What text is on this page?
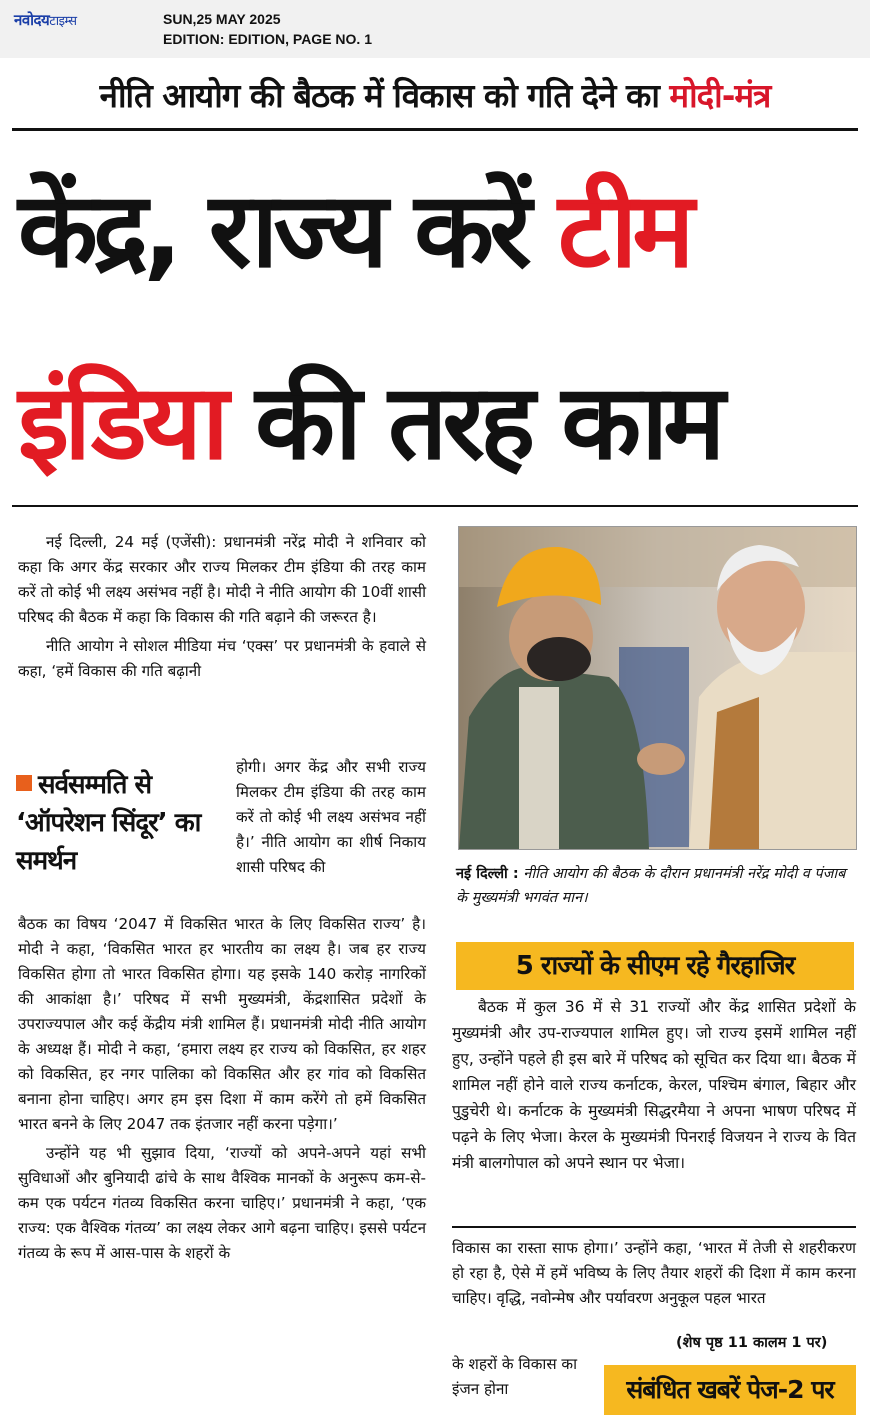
नवोदयटाइम्स	SUN,25 MAY 2025
EDITION: EDITION, PAGE NO. 1
नीति आयोग की बैठक में विकास को गति देने का मोदी-मंत्र
केंद्र, राज्य करें टीम
इंडिया की तरह काम

नई दिल्ली, 24 मई (एजेंसी): प्रधानमंत्री नरेंद्र मोदी ने शनिवार को कहा कि अगर केंद्र सरकार और राज्य मिलकर टीम इंडिया की तरह काम करें तो कोई भी लक्ष्य असंभव नहीं है। मोदी ने नीति आयोग की 10वीं शासी परिषद की बैठक में कहा कि विकास की गति बढ़ाने की जरूरत है।

नीति आयोग ने सोशल मीडिया मंच ‘एक्स’ पर प्रधानमंत्री के हवाले से कहा, ‘हमें विकास की गति बढ़ानी

सर्वसम्मति से ‘ऑपरेशन सिंदूर’ का समर्थन

होगी। अगर केंद्र और सभी राज्य मिलकर टीम इंडिया की तरह काम करें तो कोई भी लक्ष्य असंभव नहीं है।’ नीति आयोग का शीर्ष निकाय शासी परिषद की

बैठक का विषय ‘2047 में विकसित भारत के लिए विकसित राज्य’ है। मोदी ने कहा, ‘विकसित भारत हर भारतीय का लक्ष्य है। जब हर राज्य विकसित होगा तो भारत विकसित होगा। यह इसके 140 करोड़ नागरिकों की आकांक्षा है।’ परिषद में सभी मुख्यमंत्री, केंद्रशासित प्रदेशों के उपराज्यपाल और कई केंद्रीय मंत्री शामिल हैं। प्रधानमंत्री मोदी नीति आयोग के अध्यक्ष हैं। मोदी ने कहा, ‘हमारा लक्ष्य हर राज्य को विकसित, हर शहर को विकसित, हर नगर पालिका को विकसित और हर गांव को विकसित बनाना होना चाहिए। अगर हम इस दिशा में काम करेंगे तो हमें विकसित भारत बनने के लिए 2047 तक इंतजार नहीं करना पड़ेगा।’

उन्होंने यह भी सुझाव दिया, ‘राज्यों को अपने-अपने यहां सभी सुविधाओं और बुनियादी ढांचे के साथ वैश्विक मानकों के अनुरूप कम-से-कम एक पर्यटन गंतव्य विकसित करना चाहिए।’ प्रधानमंत्री ने कहा, ‘एक राज्य: एक वैश्विक गंतव्य’ का लक्ष्य लेकर आगे बढ़ना चाहिए। इससे पर्यटन गंतव्य के रूप में आस-पास के शहरों के

नई दिल्ली : नीति आयोग की बैठक के दौरान प्रधानमंत्री नरेंद्र मोदी व पंजाब के मुख्यमंत्री भगवंत मान।
5 राज्यों के सीएम रहे गैरहाजिर

बैठक में कुल 36 में से 31 राज्यों और केंद्र शासित प्रदेशों के मुख्यमंत्री और उप-राज्यपाल शामिल हुए। जो राज्य इसमें शामिल नहीं हुए, उन्होंने पहले ही इस बारे में परिषद को सूचित कर दिया था। बैठक में शामिल नहीं होने वाले राज्य कर्नाटक, केरल, पश्चिम बंगाल, बिहार और पुडुचेरी थे। कर्नाटक के मुख्यमंत्री सिद्धरमैया ने अपना भाषण परिषद में पढ़ने के लिए भेजा। केरल के मुख्यमंत्री पिनराई विजयन ने राज्य के वित मंत्री बालगोपाल को अपने स्थान पर भेजा।

विकास का रास्ता साफ होगा।’ उन्होंने कहा, ‘भारत में तेजी से शहरीकरण हो रहा है, ऐसे में हमें भविष्य के लिए तैयार शहरों की दिशा में काम करना चाहिए। वृद्धि, नवोन्मेष और पर्यावरण अनुकूल पहल भारत

(शेष पृष्ठ 11 कालम 1 पर)

के शहरों के विकास का इंजन होना	संबंधित खबरें पेज-2 पर
